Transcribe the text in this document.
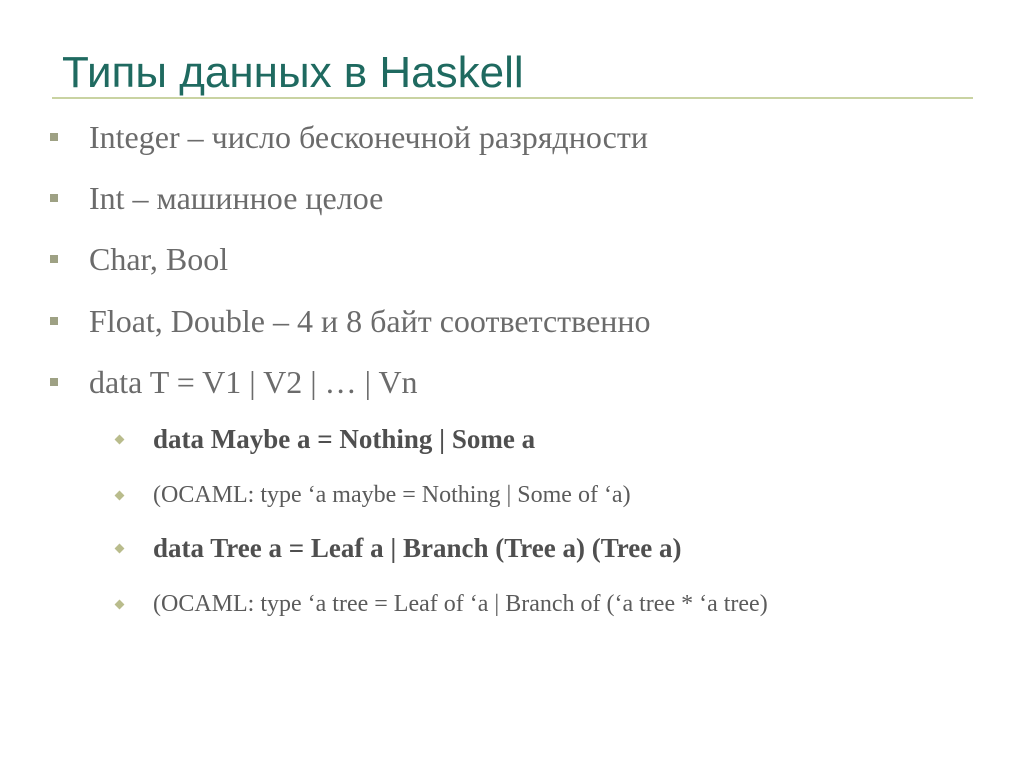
Типы данных в Haskell
Integer – число бесконечной разрядности
Int – машинное целое
Char, Bool
Float, Double – 4 и 8 байт соответственно
data T = V1 | V2 | … | Vn
data Maybe a = Nothing | Some a
(OCAML: type ‘a maybe = Nothing | Some of ‘a)
data Tree a = Leaf a | Branch (Tree a) (Tree a)
(OCAML: type ‘a tree = Leaf of ‘a | Branch of (‘a tree * ‘a tree)
